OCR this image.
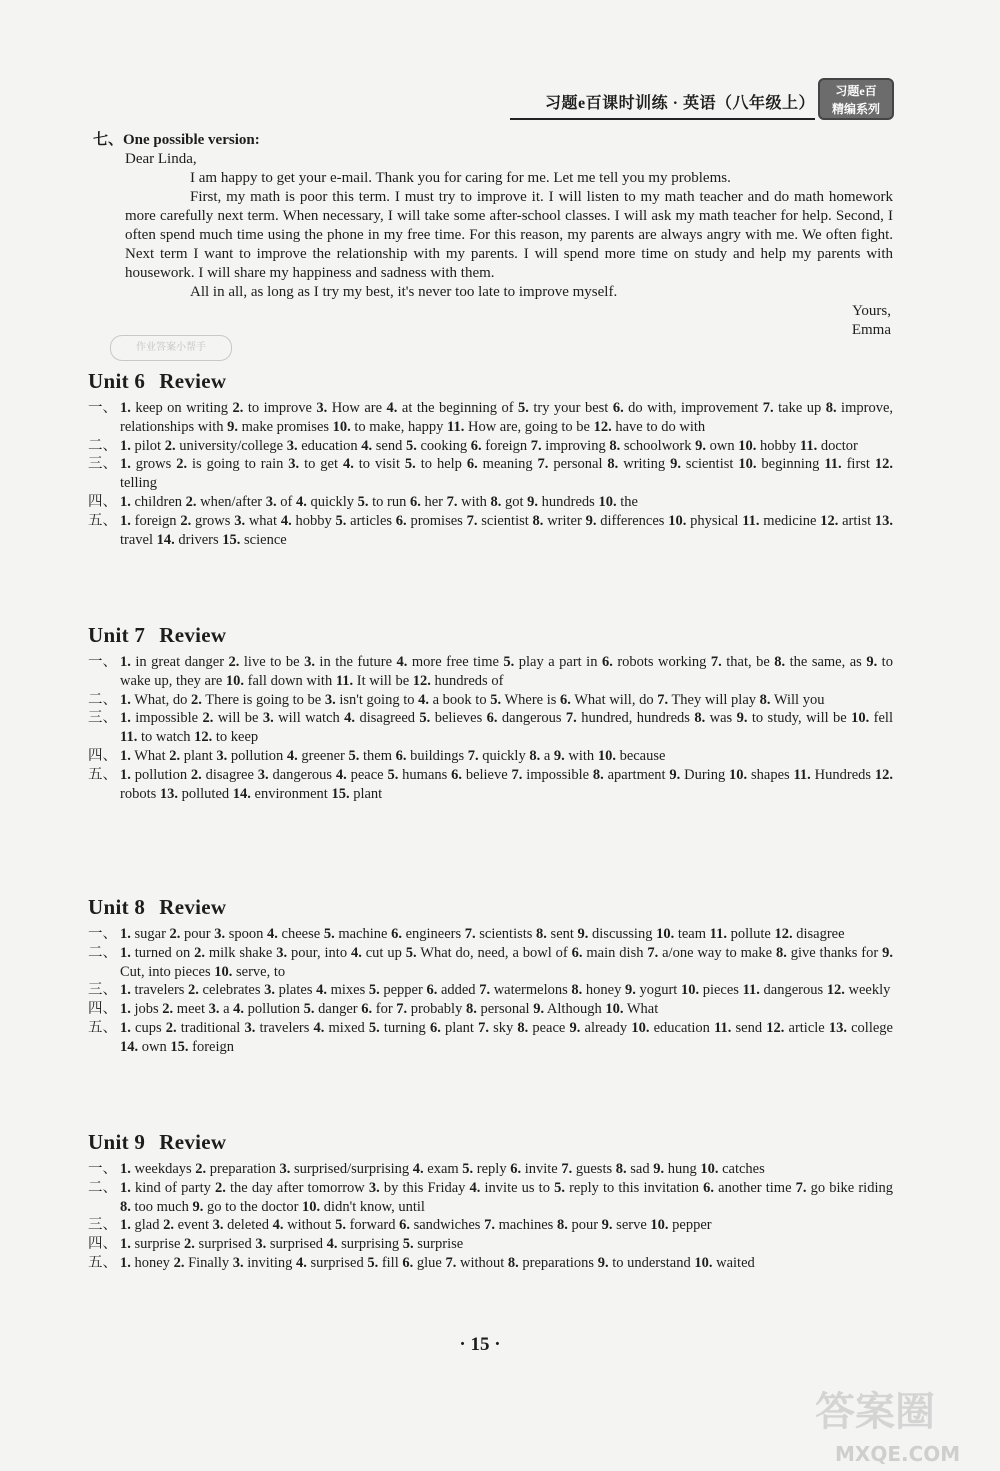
习题e百课时训练 · 英语（八年级上）
习题e百
精编系列

七、One possible version:

Dear Linda,

I am happy to get your e-mail. Thank you for caring for me. Let me tell you my problems.

First, my math is poor this term. I must try to improve it. I will listen to my math teacher and do math homework more carefully next term. When necessary, I will take some after-school classes. I will ask my math teacher for help. Second, I often spend much time using the phone in my free time. For this reason, my parents are always angry with me. We often fight. Next term I want to improve the relationship with my parents. I will spend more time on study and help my parents with housework. I will share my happiness and sadness with them.

All in all, as long as I try my best, it's never too late to improve myself.

Yours,

Emma

作业答案小帮手
Unit 6 Review
一、 1. keep on writing 2. to improve 3. How are 4. at the beginning of 5. try your best 6. do with, improvement 7. take up 8. improve, relationships with 9. make promises 10. to make, happy 11. How are, going to be 12. have to do with
二、 1. pilot 2. university/college 3. education 4. send 5. cooking 6. foreign 7. improving 8. schoolwork 9. own 10. hobby 11. doctor
三、 1. grows 2. is going to rain 3. to get 4. to visit 5. to help 6. meaning 7. personal 8. writing 9. scientist 10. beginning 11. first 12. telling
四、 1. children 2. when/after 3. of 4. quickly 5. to run 6. her 7. with 8. got 9. hundreds 10. the
五、 1. foreign 2. grows 3. what 4. hobby 5. articles 6. promises 7. scientist 8. writer 9. differences 10. physical 11. medicine 12. artist 13. travel 14. drivers 15. science
Unit 7 Review
一、 1. in great danger 2. live to be 3. in the future 4. more free time 5. play a part in 6. robots working 7. that, be 8. the same, as 9. to wake up, they are 10. fall down with 11. It will be 12. hundreds of
二、 1. What, do 2. There is going to be 3. isn't going to 4. a book to 5. Where is 6. What will, do 7. They will play 8. Will you
三、 1. impossible 2. will be 3. will watch 4. disagreed 5. believes 6. dangerous 7. hundred, hundreds 8. was 9. to study, will be 10. fell 11. to watch 12. to keep
四、 1. What 2. plant 3. pollution 4. greener 5. them 6. buildings 7. quickly 8. a 9. with 10. because
五、 1. pollution 2. disagree 3. dangerous 4. peace 5. humans 6. believe 7. impossible 8. apartment 9. During 10. shapes 11. Hundreds 12. robots 13. polluted 14. environment 15. plant
Unit 8 Review
一、 1. sugar 2. pour 3. spoon 4. cheese 5. machine 6. engineers 7. scientists 8. sent 9. discussing 10. team 11. pollute 12. disagree
二、 1. turned on 2. milk shake 3. pour, into 4. cut up 5. What do, need, a bowl of 6. main dish 7. a/one way to make 8. give thanks for 9. Cut, into pieces 10. serve, to
三、 1. travelers 2. celebrates 3. plates 4. mixes 5. pepper 6. added 7. watermelons 8. honey 9. yogurt 10. pieces 11. dangerous 12. weekly
四、 1. jobs 2. meet 3. a 4. pollution 5. danger 6. for 7. probably 8. personal 9. Although 10. What
五、 1. cups 2. traditional 3. travelers 4. mixed 5. turning 6. plant 7. sky 8. peace 9. already 10. education 11. send 12. article 13. college 14. own 15. foreign
Unit 9 Review
一、 1. weekdays 2. preparation 3. surprised/surprising 4. exam 5. reply 6. invite 7. guests 8. sad 9. hung 10. catches
二、 1. kind of party 2. the day after tomorrow 3. by this Friday 4. invite us to 5. reply to this invitation 6. another time 7. go bike riding 8. too much 9. go to the doctor 10. didn't know, until
三、 1. glad 2. event 3. deleted 4. without 5. forward 6. sandwiches 7. machines 8. pour 9. serve 10. pepper
四、 1. surprise 2. surprised 3. surprised 4. surprising 5. surprise
五、 1. honey 2. Finally 3. inviting 4. surprised 5. fill 6. glue 7. without 8. preparations 9. to understand 10. waited
· 15 ·
答案圈
MXQE.COM
